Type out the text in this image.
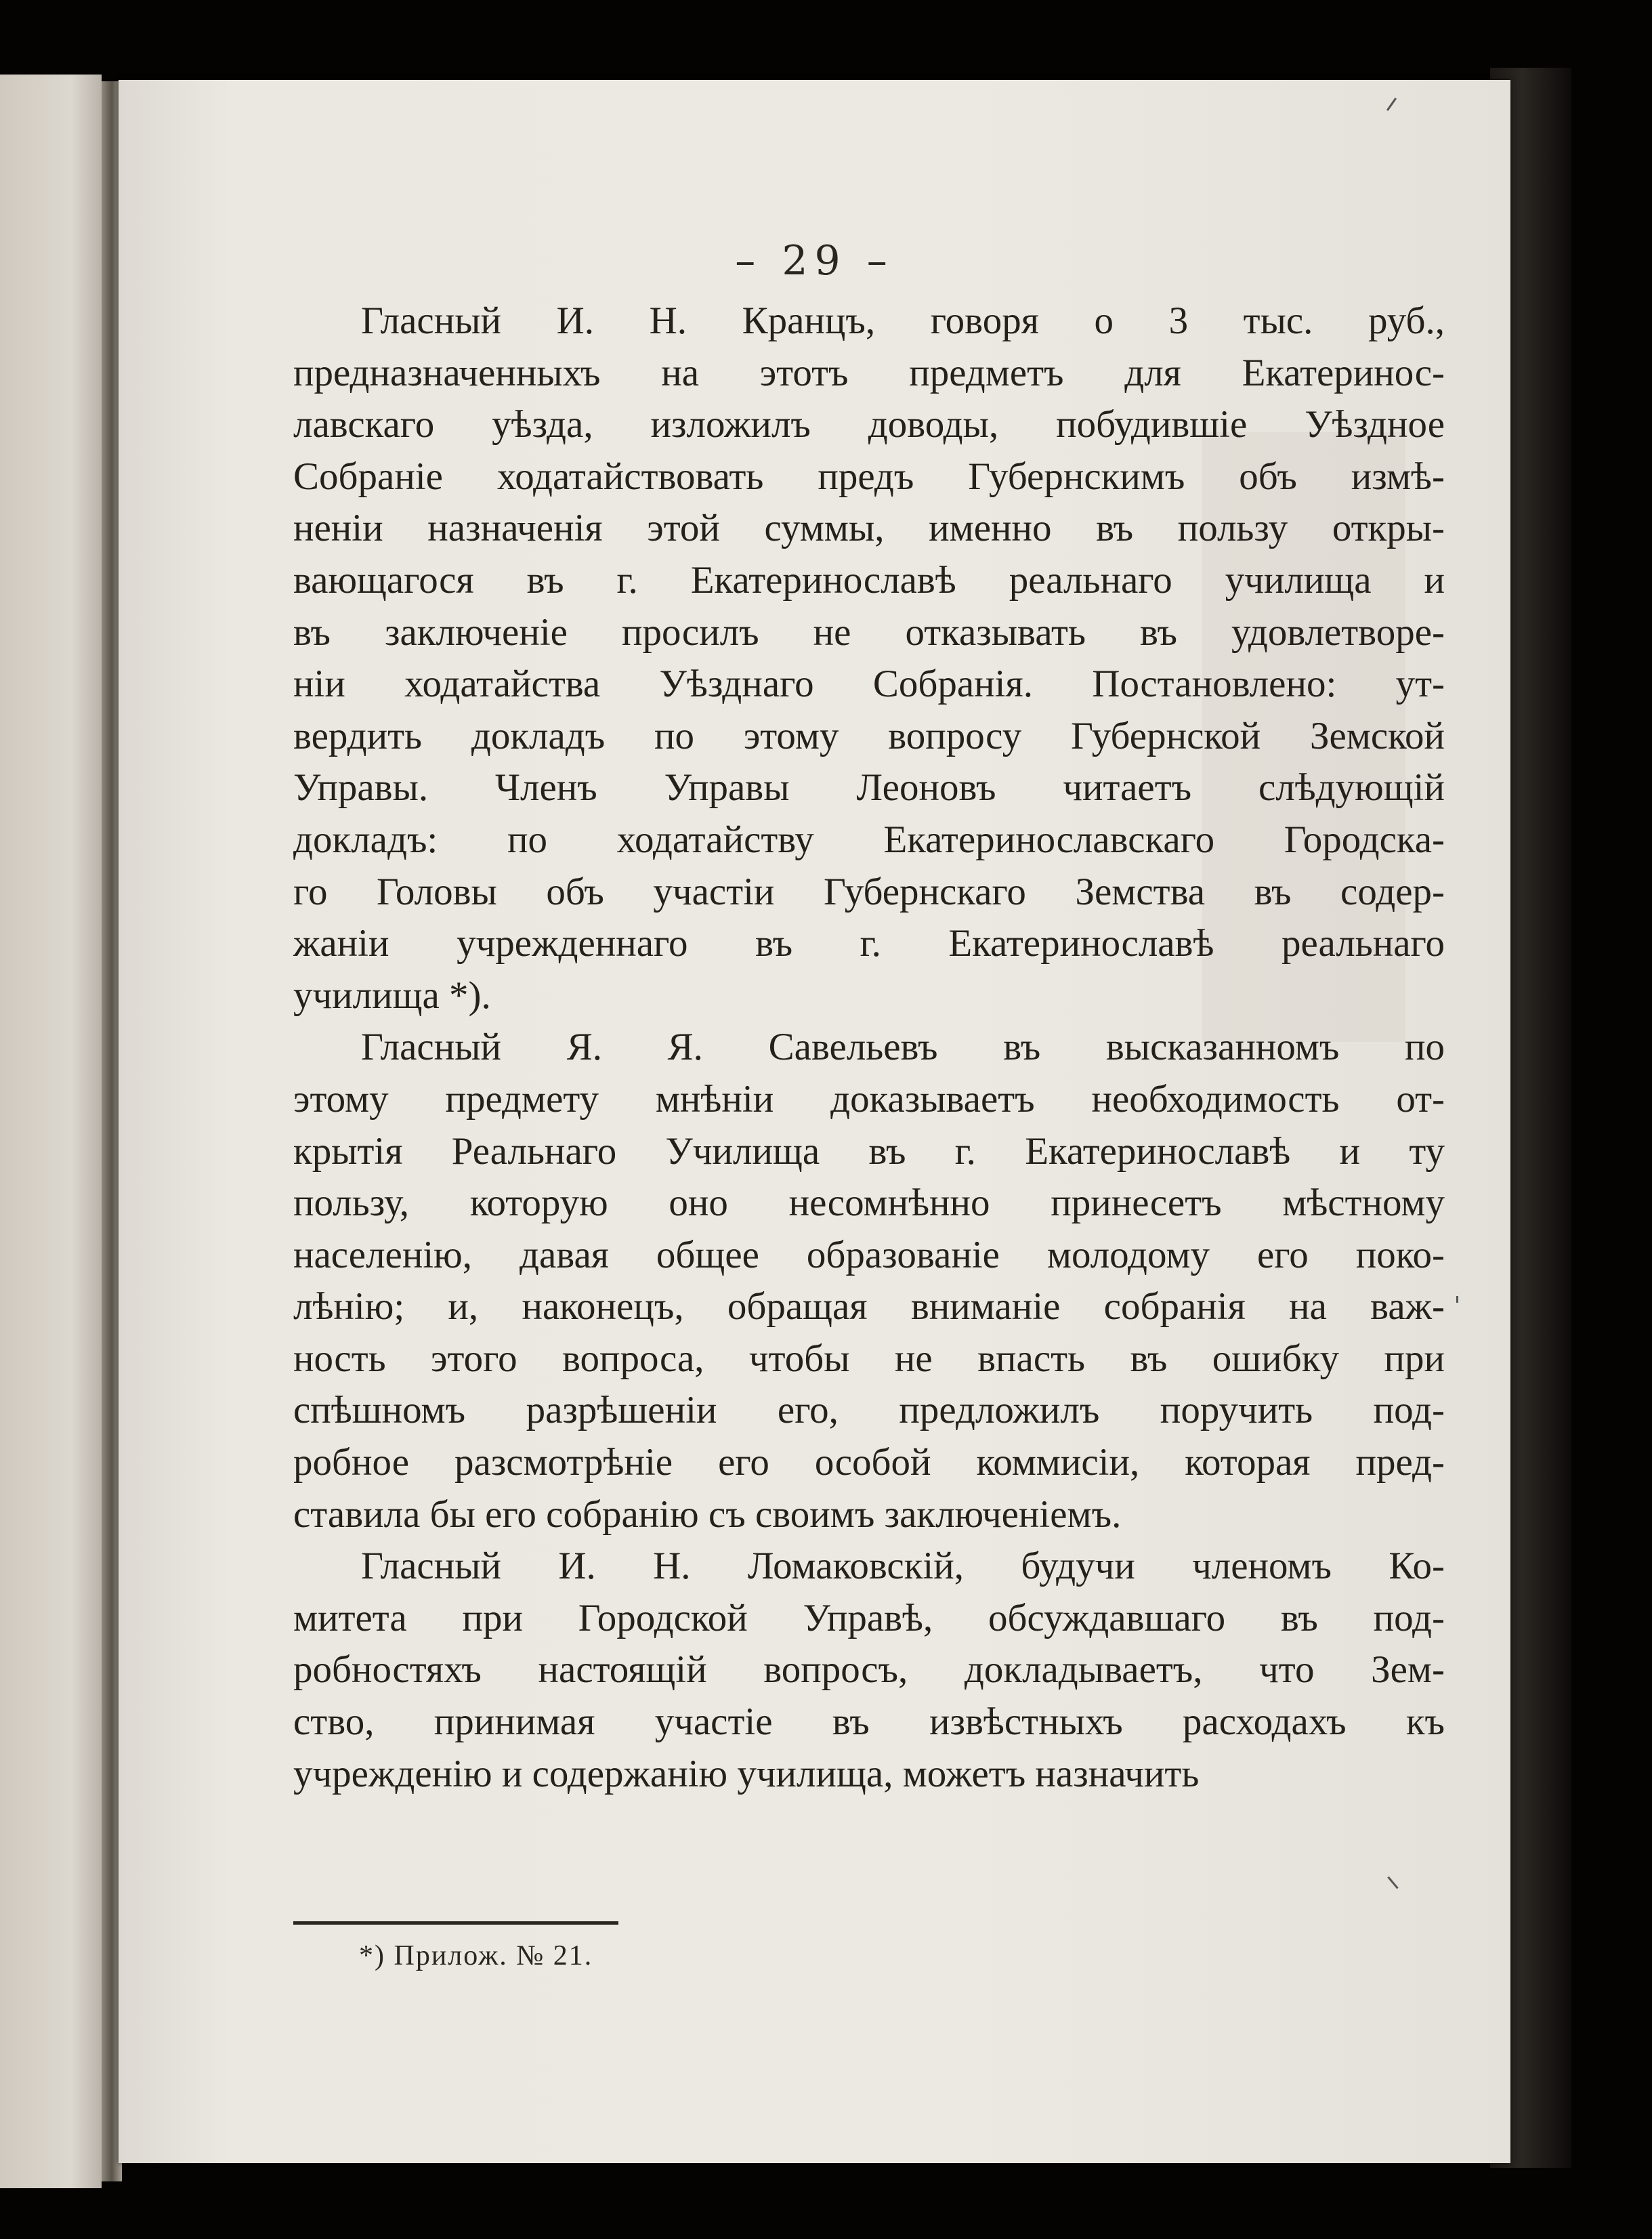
– 29 –
Гласный И. Н. Кранцъ, говоря о 3 тыс. руб.,
предназначенныхъ на этотъ предметъ для Екатеринос-
лавскаго уѣзда, изложилъ доводы, побудившіе Уѣздное
Собраніе ходатайствовать предъ Губернскимъ объ измѣ-
неніи назначенія этой суммы, именно въ пользу откры-
вающагося въ г. Екатеринославѣ реальнаго училища и
въ заключеніе просилъ не отказывать въ удовлетворе-
ніи ходатайства Уѣзднаго Собранія. Постановлено: ут-
вердить докладъ по этому вопросу Губернской Земской
Управы. Членъ Управы Леоновъ читаетъ слѣдующій
докладъ: по ходатайству Екатеринославскаго Городска-
го Головы объ участіи Губернскаго Земства въ содер-
жаніи учрежденнаго въ г. Екатеринославѣ реальнаго
училища *).
Гласный Я. Я. Савельевъ въ высказанномъ по
этому предмету мнѣніи доказываетъ необходимость от-
крытія Реальнаго Училища въ г. Екатеринославѣ и ту
пользу, которую оно несомнѣнно принесетъ мѣстному
населенію, давая общее образованіе молодому его поко-
лѣнію; и, наконецъ, обращая вниманіе собранія на важ-
ность этого вопроса, чтобы не впасть въ ошибку при
спѣшномъ разрѣшеніи его, предложилъ поручить под-
робное разсмотрѣніе его особой коммисіи, которая пред-
ставила бы его собранію съ своимъ заключеніемъ.
Гласный И. Н. Ломаковскій, будучи членомъ Ко-
митета при Городской Управѣ, обсуждавшаго въ под-
робностяхъ настоящій вопросъ, докладываетъ, что Зем-
ство, принимая участіе въ извѣстныхъ расходахъ къ
учрежденію и содержанію училища, можетъ назначить
*) Прилож. № 21.
